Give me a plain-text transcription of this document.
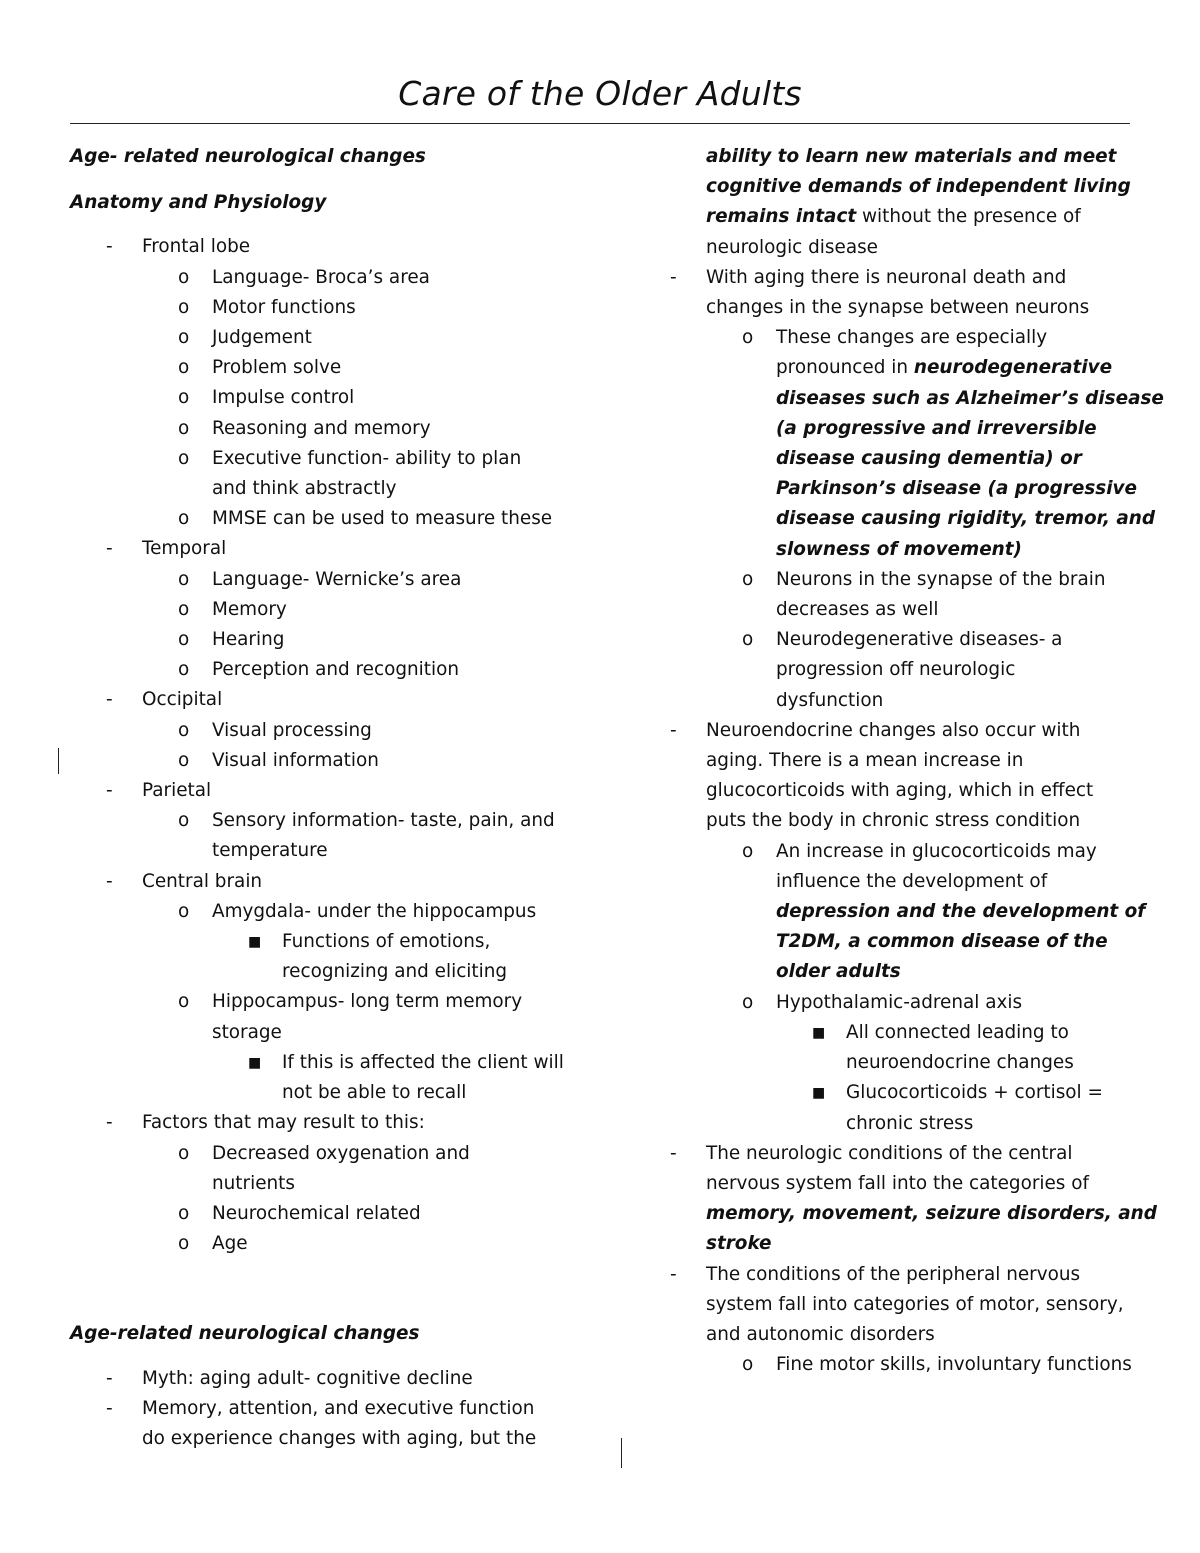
Care of the Older Adults
Age- related neurological changes
Anatomy and Physiology
- Frontal lobe
o Language- Broca’s area
o Motor functions
o Judgement
o Problem solve
o Impulse control
o Reasoning and memory
o Executive function- ability to plan
and think abstractly
o MMSE can be used to measure these
- Temporal
o Language- Wernicke’s area
o Memory
o Hearing
o Perception and recognition
- Occipital
o Visual processing
o Visual information
- Parietal
o Sensory information- taste, pain, and
temperature
- Central brain
o Amygdala- under the hippocampus
■ Functions of emotions,
recognizing and eliciting
o Hippocampus- long term memory
storage
■ If this is affected the client will
not be able to recall
- Factors that may result to this:
o Decreased oxygenation and
nutrients
o Neurochemical related
o Age
Age-related neurological changes
- Myth: aging adult- cognitive decline
- Memory, attention, and executive function
do experience changes with aging, but the
ability to learn new materials and meet
cognitive demands of independent living
remains intact without the presence of
neurologic disease
- With aging there is neuronal death and
changes in the synapse between neurons
o These changes are especially
pronounced in neurodegenerative
diseases such as Alzheimer’s disease
(a progressive and irreversible
disease causing dementia) or
Parkinson’s disease (a progressive
disease causing rigidity, tremor, and
slowness of movement)
o Neurons in the synapse of the brain
decreases as well
o Neurodegenerative diseases- a
progression off neurologic
dysfunction
- Neuroendocrine changes also occur with
aging. There is a mean increase in
glucocorticoids with aging, which in effect
puts the body in chronic stress condition
o An increase in glucocorticoids may
influence the development of
depression and the development of
T2DM, a common disease of the
older adults
o Hypothalamic-adrenal axis
■ All connected leading to
neuroendocrine changes
■ Glucocorticoids + cortisol =
chronic stress
- The neurologic conditions of the central
nervous system fall into the categories of
memory, movement, seizure disorders, and
stroke
- The conditions of the peripheral nervous
system fall into categories of motor, sensory,
and autonomic disorders
o Fine motor skills, involuntary functions
